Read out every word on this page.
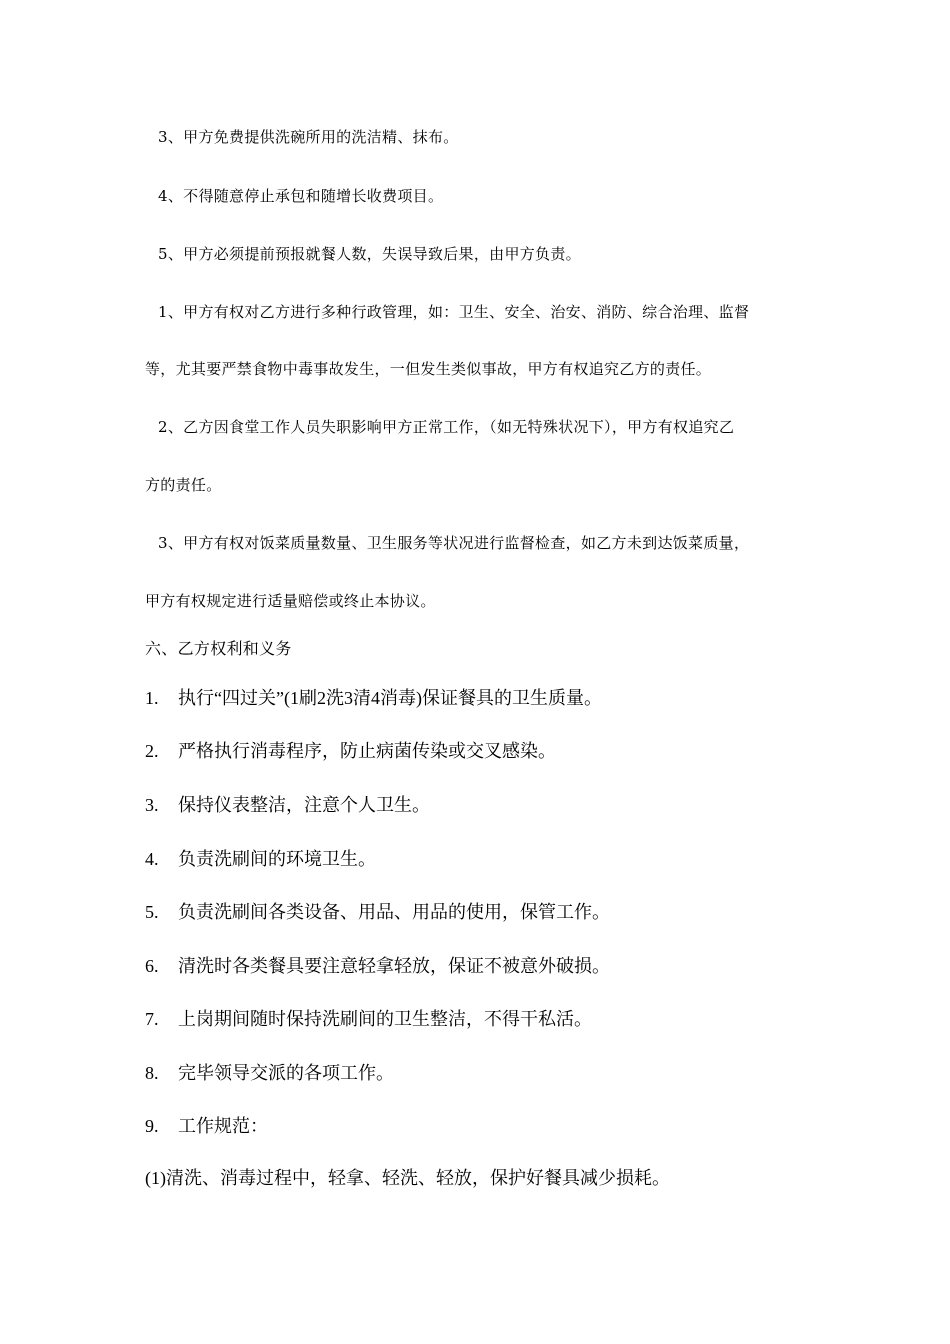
3、甲方免费提供洗碗所用的洗洁精、抹布。
4、不得随意停止承包和随增长收费项目。
5、甲方必须提前预报就餐人数，失误导致后果，由甲方负责。
1、甲方有权对乙方进行多种行政管理，如：卫生、安全、治安、消防、综合治理、监督
等，尤其要严禁食物中毒事故发生，一但发生类似事故，甲方有权追究乙方的责任。
2、乙方因食堂工作人员失职影响甲方正常工作，（如无特殊状况下），甲方有权追究乙
方的责任。
3、甲方有权对饭菜质量数量、卫生服务等状况进行监督检查，如乙方未到达饭菜质量，
甲方有权规定进行适量赔偿或终止本协议。
六、乙方权利和义务
1. 执行“四过关”(1刷2洗3清4消毒)保证餐具的卫生质量。
2. 严格执行消毒程序，防止病菌传染或交叉感染。
3. 保持仪表整洁，注意个人卫生。
4. 负责洗刷间的环境卫生。
5. 负责洗刷间各类设备、用品、用品的使用，保管工作。
6. 清洗时各类餐具要注意轻拿轻放，保证不被意外破损。
7. 上岗期间随时保持洗刷间的卫生整洁，不得干私活。
8. 完毕领导交派的各项工作。
9. 工作规范：
(1)清洗、消毒过程中，轻拿、轻洗、轻放，保护好餐具减少损耗。
